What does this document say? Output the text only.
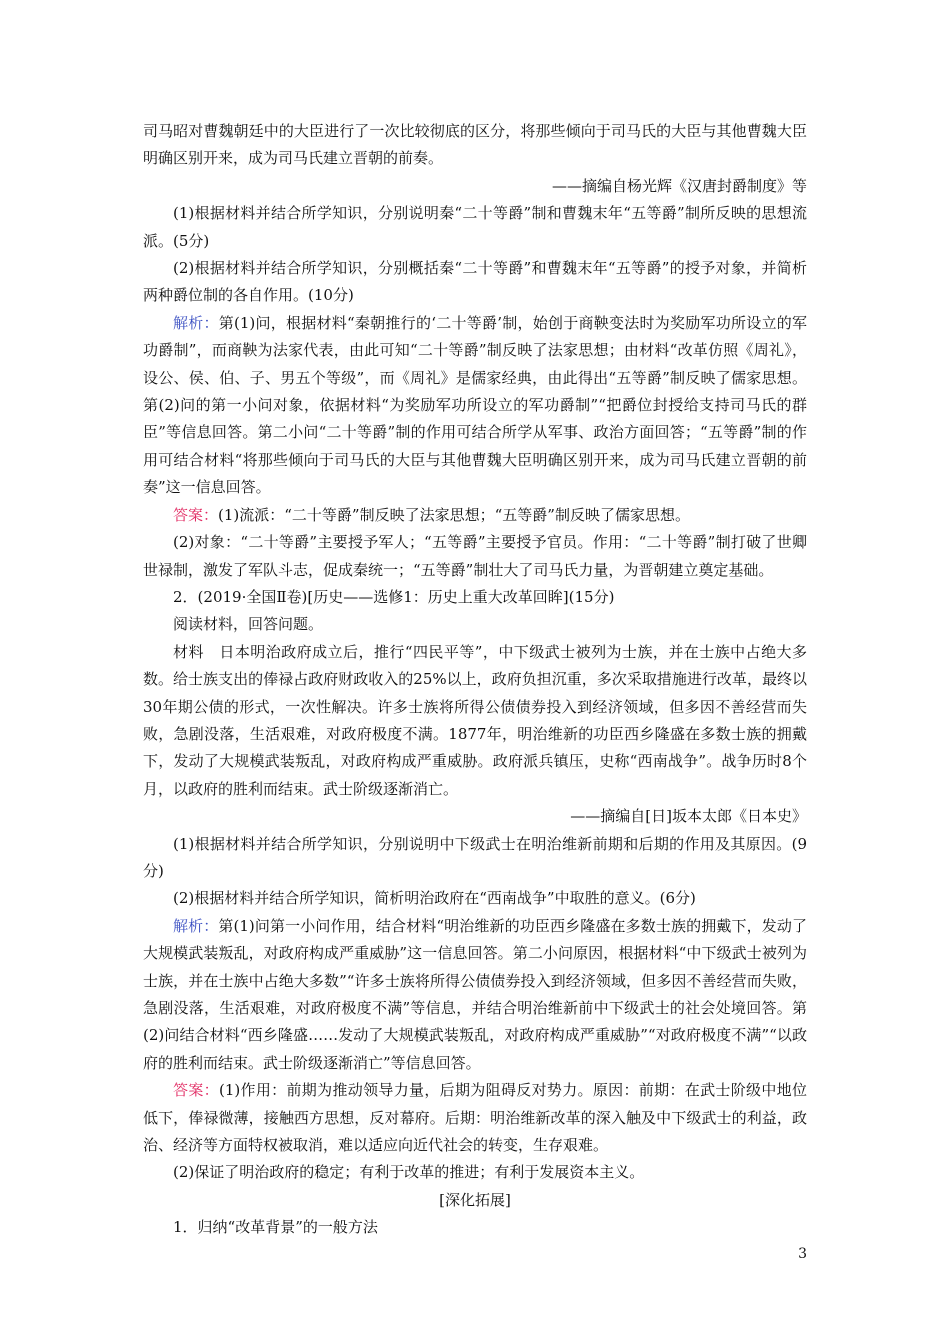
司马昭对曹魏朝廷中的大臣进行了一次比较彻底的区分，将那些倾向于司马氏的大臣与其他曹魏大臣明确区别开来，成为司马氏建立晋朝的前奏。

——摘编自杨光辉《汉唐封爵制度》等

(1)根据材料并结合所学知识，分别说明秦“二十等爵”制和曹魏末年“五等爵”制所反映的思想流派。(5分)

(2)根据材料并结合所学知识，分别概括秦“二十等爵”和曹魏末年“五等爵”的授予对象，并简析两种爵位制的各自作用。(10分)

解析：第(1)问，根据材料“秦朝推行的‘二十等爵’制，始创于商鞅变法时为奖励军功所设立的军功爵制”，而商鞅为法家代表，由此可知“二十等爵”制反映了法家思想；由材料“改革仿照《周礼》，设公、侯、伯、子、男五个等级”，而《周礼》是儒家经典，由此得出“五等爵”制反映了儒家思想。第(2)问的第一小问对象，依据材料“为奖励军功所设立的军功爵制”“把爵位封授给支持司马氏的群臣”等信息回答。第二小问“二十等爵”制的作用可结合所学从军事、政治方面回答；“五等爵”制的作用可结合材料“将那些倾向于司马氏的大臣与其他曹魏大臣明确区别开来，成为司马氏建立晋朝的前奏”这一信息回答。

答案：(1)流派：“二十等爵”制反映了法家思想；“五等爵”制反映了儒家思想。

(2)对象：“二十等爵”主要授予军人；“五等爵”主要授予官员。作用：“二十等爵”制打破了世卿世禄制，激发了军队斗志，促成秦统一；“五等爵”制壮大了司马氏力量，为晋朝建立奠定基础。

2．(2019·全国Ⅱ卷)[历史——选修1：历史上重大改革回眸](15分)

阅读材料，回答问题。

材料　日本明治政府成立后，推行“四民平等”，中下级武士被列为士族，并在士族中占绝大多数。给士族支出的俸禄占政府财政收入的25%以上，政府负担沉重，多次采取措施进行改革，最终以30年期公债的形式，一次性解决。许多士族将所得公债债券投入到经济领域，但多因不善经营而失败，急剧没落，生活艰难，对政府极度不满。1877年，明治维新的功臣西乡隆盛在多数士族的拥戴下，发动了大规模武装叛乱，对政府构成严重威胁。政府派兵镇压，史称“西南战争”。战争历时8个月，以政府的胜利而结束。武士阶级逐渐消亡。

——摘编自[日]坂本太郎《日本史》

(1)根据材料并结合所学知识，分别说明中下级武士在明治维新前期和后期的作用及其原因。(9分)

(2)根据材料并结合所学知识，简析明治政府在“西南战争”中取胜的意义。(6分)

解析：第(1)问第一小问作用，结合材料“明治维新的功臣西乡隆盛在多数士族的拥戴下，发动了大规模武装叛乱，对政府构成严重威胁”这一信息回答。第二小问原因，根据材料“中下级武士被列为士族，并在士族中占绝大多数”“许多士族将所得公债债券投入到经济领域，但多因不善经营而失败，急剧没落，生活艰难，对政府极度不满”等信息，并结合明治维新前中下级武士的社会处境回答。第(2)问结合材料“西乡隆盛……发动了大规模武装叛乱，对政府构成严重威胁”“对政府极度不满”“以政府的胜利而结束。武士阶级逐渐消亡”等信息回答。

答案：(1)作用：前期为推动领导力量，后期为阻碍反对势力。原因：前期：在武士阶级中地位低下，俸禄微薄，接触西方思想，反对幕府。后期：明治维新改革的深入触及中下级武士的利益，政治、经济等方面特权被取消，难以适应向近代社会的转变，生存艰难。

(2)保证了明治政府的稳定；有利于改革的推进；有利于发展资本主义。

[深化拓展]

1．归纳“改革背景”的一般方法

3
